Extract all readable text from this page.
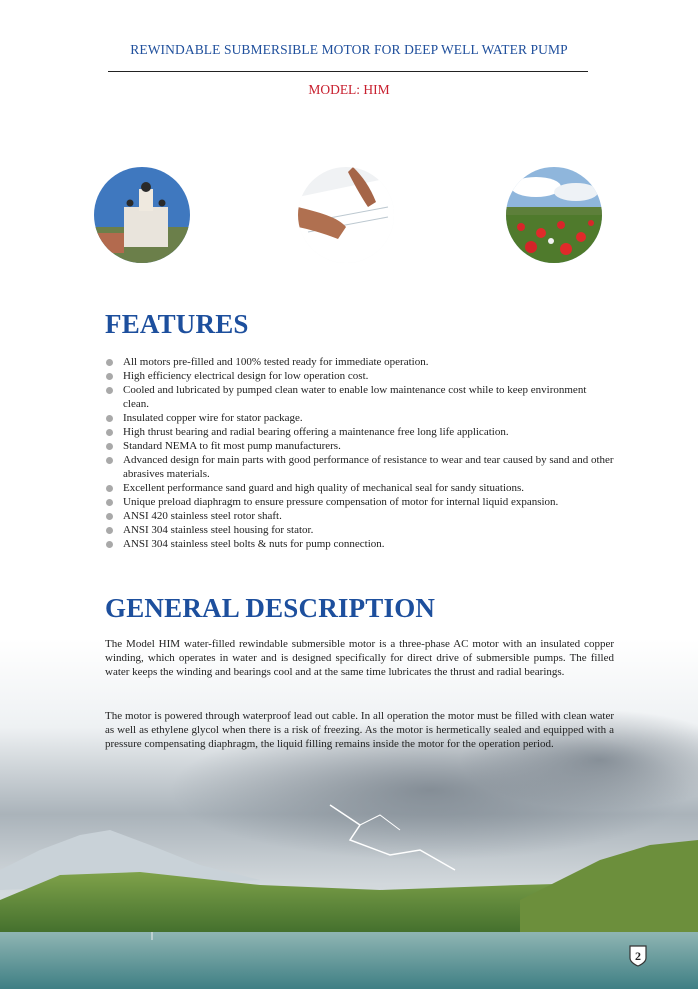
REWINDABLE SUBMERSIBLE MOTOR FOR DEEP WELL WATER PUMP
MODEL: HIM
FEATURES
All motors pre-filled and 100% tested ready for immediate operation.
High efficiency electrical design for low operation cost.
Cooled and lubricated by pumped clean water to enable low maintenance cost while to keep environment clean.
Insulated copper wire for stator package.
High thrust bearing and radial bearing offering a maintenance free long life application.
Standard NEMA to fit most pump manufacturers.
Advanced design for main parts with good performance of resistance to wear and tear caused by sand and other abrasives materials.
Excellent performance sand guard and high quality of mechanical seal for sandy situations.
Unique preload diaphragm to ensure pressure compensation of motor for internal liquid expansion.
ANSI 420 stainless steel rotor shaft.
ANSI 304 stainless steel housing for stator.
ANSI 304 stainless steel bolts & nuts for pump connection.
GENERAL DESCRIPTION

The Model HIM water-filled rewindable submersible motor is a three-phase AC motor with an insulated copper winding, which operates in water and is designed specifically for direct drive of submersible pumps. The filled water keeps the winding and bearings cool and at the same time lubricates the thrust and radial bearings.

The motor is powered through waterproof lead out cable. In all operation the motor must be filled with clean water as well as ethylene glycol when there is a risk of freezing. As the motor is hermetically sealed and equipped with a pressure compensating diaphragm, the liquid filling remains inside the motor for the operation period.

2
